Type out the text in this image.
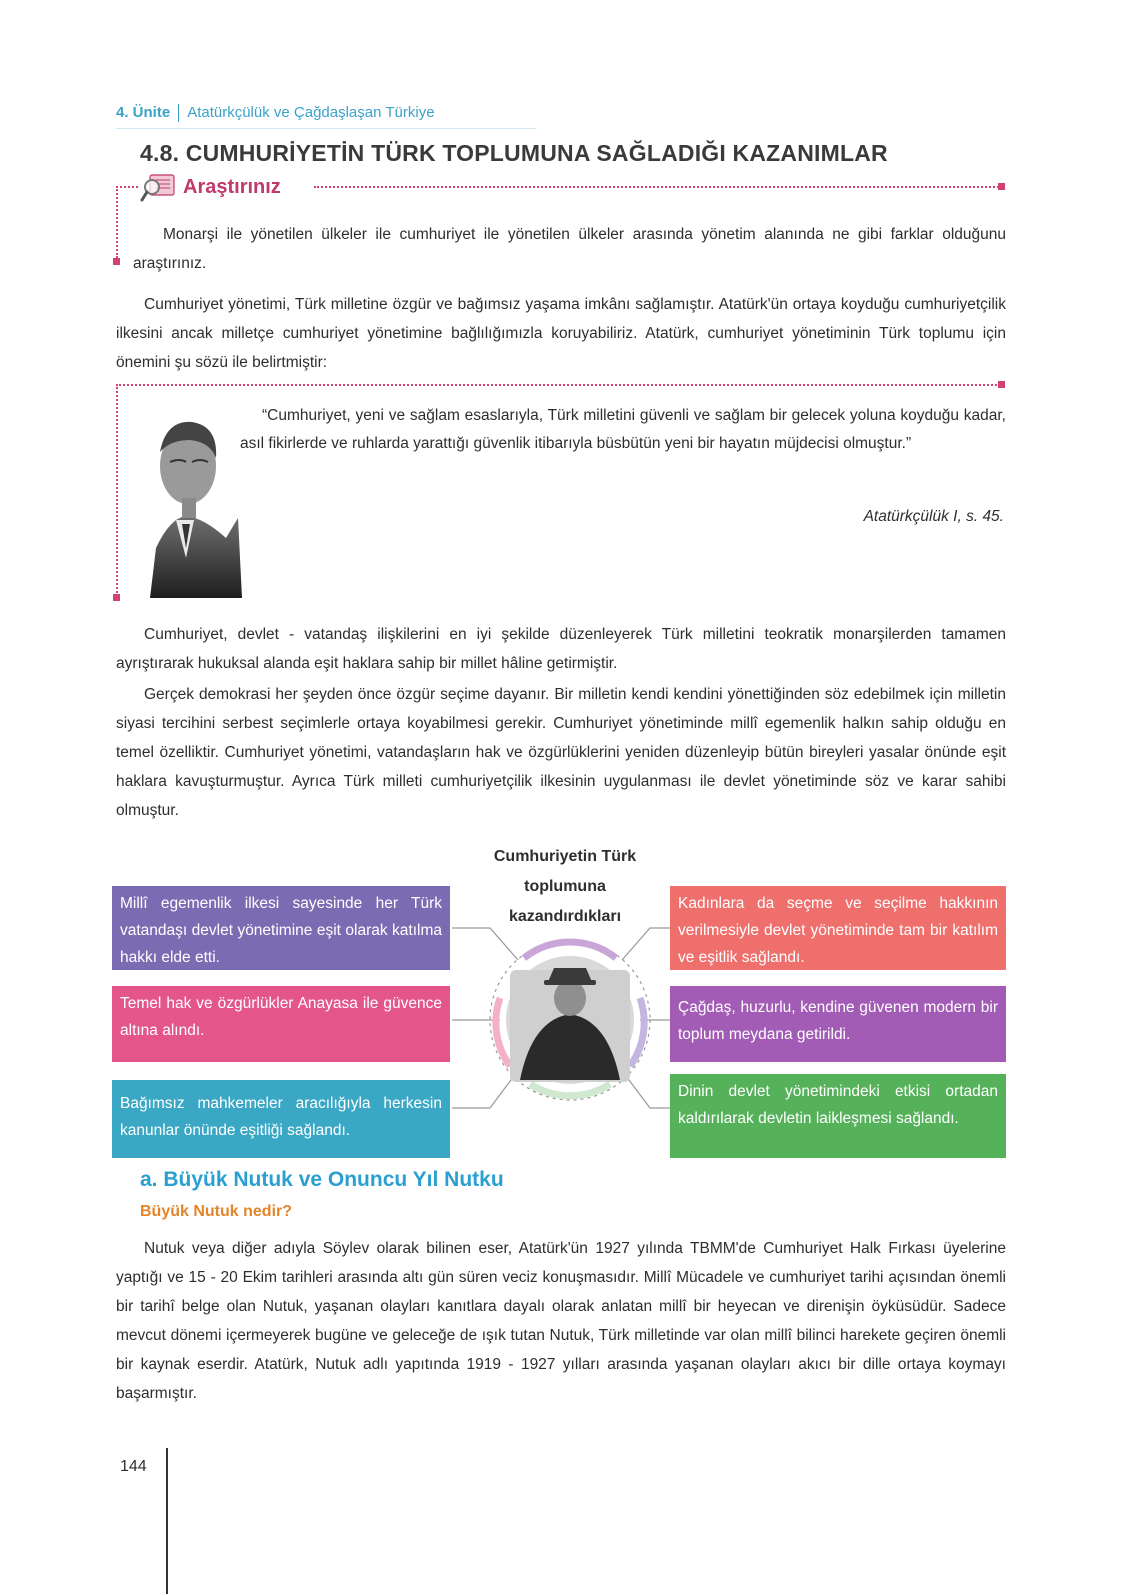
4. Ünite Atatürkçülük ve Çağdaşlaşan Türkiye
4.8. CUMHURİYETİN TÜRK TOPLUMUNA SAĞLADIĞI KAZANIMLAR
Araştırınız
Monarşi ile yönetilen ülkeler ile cumhuriyet ile yönetilen ülkeler arasında yönetim alanında ne gibi farklar olduğunu araştırınız.
Cumhuriyet yönetimi, Türk milletine özgür ve bağımsız yaşama imkânı sağlamıştır. Atatürk'ün ortaya koyduğu cumhuriyetçilik ilkesini ancak milletçe cumhuriyet yönetimine bağlılığımızla koruyabiliriz. Atatürk, cumhuriyet yönetiminin Türk toplumu için önemini şu sözü ile belirtmiştir:
“Cumhuriyet, yeni ve sağlam esaslarıyla, Türk milletini güvenli ve sağlam bir gelecek yoluna koyduğu kadar, asıl fikirlerde ve ruhlarda yarattığı güvenlik itibarıyla büsbütün yeni bir hayatın müjdecisi olmuştur.”
Atatürkçülük I, s. 45.
Cumhuriyet, devlet - vatandaş ilişkilerini en iyi şekilde düzenleyerek Türk milletini teokratik monarşilerden tamamen ayrıştırarak hukuksal alanda eşit haklara sahip bir millet hâline getirmiştir.
Gerçek demokrasi her şeyden önce özgür seçime dayanır. Bir milletin kendi kendini yönettiğinden söz edebilmek için milletin siyasi tercihini serbest seçimlerle ortaya koyabilmesi gerekir. Cumhuriyet yönetiminde millî egemenlik halkın sahip olduğu en temel özelliktir. Cumhuriyet yönetimi, vatandaşların hak ve özgürlüklerini yeniden düzenleyip bütün bireyleri yasalar önünde eşit haklara kavuşturmuştur. Ayrıca Türk milleti cumhuriyetçilik ilkesinin uygulanması ile devlet yönetiminde söz ve karar sahibi olmuştur.
Cumhuriyetin Türk toplumuna kazandırdıkları
Millî egemenlik ilkesi sayesinde her Türk vatandaşı devlet yönetimine eşit olarak katılma hakkı elde etti.
Temel hak ve özgürlükler Anayasa ile güvence altına alındı.
Bağımsız mahkemeler aracılığıyla herkesin kanunlar önünde eşitliği sağlandı.
Kadınlara da seçme ve seçilme hakkının verilmesiyle devlet yönetiminde tam bir katılım ve eşitlik sağlandı.
Çağdaş, huzurlu, kendine güvenen modern bir toplum meydana getirildi.
Dinin devlet yönetimindeki etkisi ortadan kaldırılarak devletin laikleşmesi sağlandı.
a. Büyük Nutuk ve Onuncu Yıl Nutku
Büyük Nutuk nedir?
Nutuk veya diğer adıyla Söylev olarak bilinen eser, Atatürk'ün 1927 yılında TBMM'de Cumhuriyet Halk Fırkası üyelerine yaptığı ve 15 - 20 Ekim tarihleri arasında altı gün süren veciz konuşmasıdır. Millî Mücadele ve cumhuriyet tarihi açısından önemli bir tarihî belge olan Nutuk, yaşanan olayları kanıtlara dayalı olarak anlatan millî bir heyecan ve direnişin öyküsüdür. Sadece mevcut dönemi içermeyerek bugüne ve geleceğe de ışık tutan Nutuk, Türk milletinde var olan millî bilinci harekete geçiren önemli bir kaynak eserdir. Atatürk, Nutuk adlı yapıtında 1919 - 1927 yılları arasında yaşanan olayları akıcı bir dille ortaya koymayı başarmıştır.
144
